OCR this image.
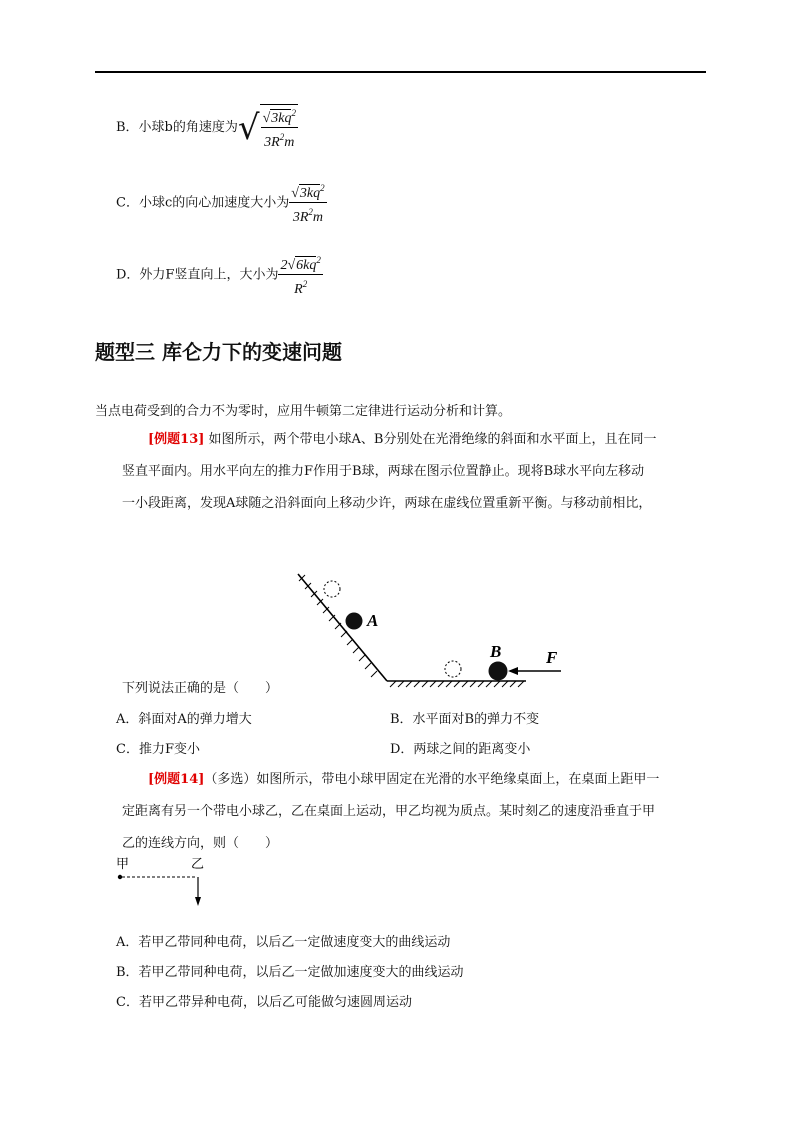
B．小球b的角速度为√ $\frac{√3kq^2}{3R^2m}$
C．小球c的向心加速度大小为 $\frac{√3kq^2}{3R^2m}$
D．外力F竖直向上，大小为 $\frac{2√6kq^2}{R^2}$
题型三 库仑力下的变速问题
当点电荷受到的合力不为零时，应用牛顿第二定律进行运动分析和计算。
[例题13] 如图所示，两个带电小球A、B分别处在光滑绝缘的斜面和水平面上，且在同一
竖直平面内。用水平向左的推力F作用于B球，两球在图示位置静止。现将B球水平向左移动
一小段距离，发现A球随之沿斜面向上移动少许，两球在虚线位置重新平衡。与移动前相比，
下列说法正确的是（　　）
A
B	F
A．斜面对A的弹力增大	B．水平面对B的弹力不变
C．推力F变小	D．两球之间的距离变小
[例题14]（多选）如图所示，带电小球甲固定在光滑的水平绝缘桌面上，在桌面上距甲一
定距离有另一个带电小球乙，乙在桌面上运动，甲乙均视为质点。某时刻乙的速度沿垂直于甲
乙的连线方向，则（　　）
甲	乙
A．若甲乙带同种电荷，以后乙一定做速度变大的曲线运动
B．若甲乙带同种电荷，以后乙一定做加速度变大的曲线运动
C．若甲乙带异种电荷，以后乙可能做匀速圆周运动
